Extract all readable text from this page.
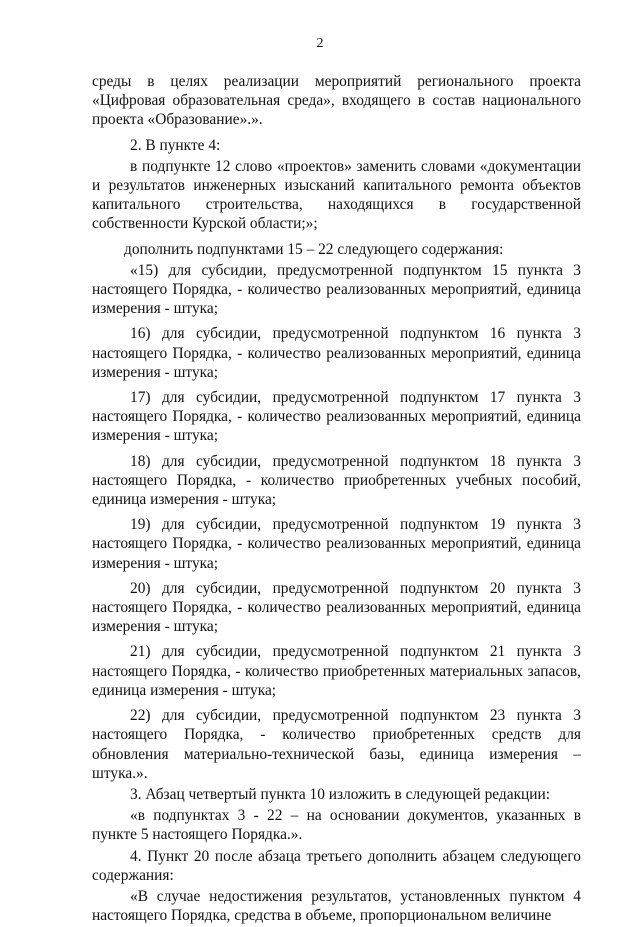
2

среды в целях реализации мероприятий регионального проекта «Цифровая образовательная среда», входящего в состав национального проекта «Образование».».

2. В пункте 4:

в подпункте 12 слово «проектов» заменить словами «документации и результатов инженерных изысканий капитального ремонта объектов капитального строительства, находящихся в государственной собственности Курской области;»;

дополнить подпунктами 15 – 22 следующего содержания:

«15) для субсидии, предусмотренной подпунктом 15 пункта 3 настоящего Порядка, - количество реализованных мероприятий, единица измерения - штука;

16) для субсидии, предусмотренной подпунктом 16 пункта 3 настоящего Порядка, - количество реализованных мероприятий, единица измерения - штука;

17) для субсидии, предусмотренной подпунктом 17 пункта 3 настоящего Порядка, - количество реализованных мероприятий, единица измерения - штука;

18) для субсидии, предусмотренной подпунктом 18 пункта 3 настоящего Порядка, - количество приобретенных учебных пособий, единица измерения - штука;

19) для субсидии, предусмотренной подпунктом 19 пункта 3 настоящего Порядка, - количество реализованных мероприятий, единица измерения - штука;

20) для субсидии, предусмотренной подпунктом 20 пункта 3 настоящего Порядка, - количество реализованных мероприятий, единица измерения - штука;

21) для субсидии, предусмотренной подпунктом 21 пункта 3 настоящего Порядка, - количество приобретенных материальных запасов, единица измерения - штука;

22) для субсидии, предусмотренной подпунктом 23 пункта 3 настоящего Порядка, - количество приобретенных средств для обновления материально-технической базы, единица измерения – штука.».

3. Абзац четвертый пункта 10 изложить в следующей редакции:

«в подпунктах 3 - 22 – на основании документов, указанных в пункте 5 настоящего Порядка.».

4. Пункт 20 после абзаца третьего дополнить абзацем следующего содержания:

«В случае недостижения результатов, установленных пунктом 4 настоящего Порядка, средства в объеме, пропорциональном величине
